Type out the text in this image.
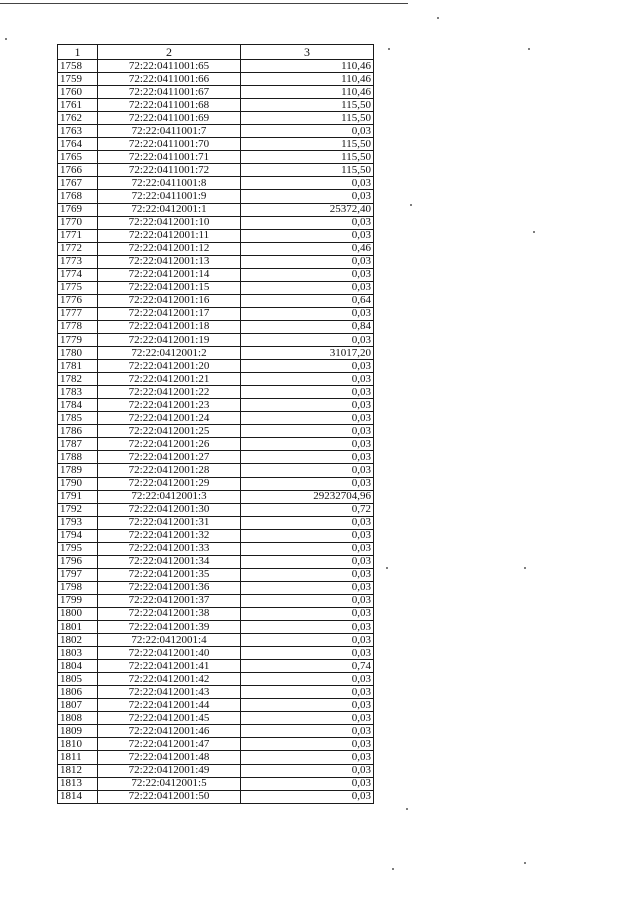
1	2	3
1758	72:22:0411001:65	110,46
1759	72:22:0411001:66	110,46
1760	72:22:0411001:67	110,46
1761	72:22:0411001:68	115,50
1762	72:22:0411001:69	115,50
1763	72:22:0411001:7	0,03
1764	72:22:0411001:70	115,50
1765	72:22:0411001:71	115,50
1766	72:22:0411001:72	115,50
1767	72:22:0411001:8	0,03
1768	72:22:0411001:9	0,03
1769	72:22:0412001:1	25372,40
1770	72:22:0412001:10	0,03
1771	72:22:0412001:11	0,03
1772	72:22:0412001:12	0,46
1773	72:22:0412001:13	0,03
1774	72:22:0412001:14	0,03
1775	72:22:0412001:15	0,03
1776	72:22:0412001:16	0,64
1777	72:22:0412001:17	0,03
1778	72:22:0412001:18	0,84
1779	72:22:0412001:19	0,03
1780	72:22:0412001:2	31017,20
1781	72:22:0412001:20	0,03
1782	72:22:0412001:21	0,03
1783	72:22:0412001:22	0,03
1784	72:22:0412001:23	0,03
1785	72:22:0412001:24	0,03
1786	72:22:0412001:25	0,03
1787	72:22:0412001:26	0,03
1788	72:22:0412001:27	0,03
1789	72:22:0412001:28	0,03
1790	72:22:0412001:29	0,03
1791	72:22:0412001:3	29232704,96
1792	72:22:0412001:30	0,72
1793	72:22:0412001:31	0,03
1794	72:22:0412001:32	0,03
1795	72:22:0412001:33	0,03
1796	72:22:0412001:34	0,03
1797	72:22:0412001:35	0,03
1798	72:22:0412001:36	0,03
1799	72:22:0412001:37	0,03
1800	72:22:0412001:38	0,03
1801	72:22:0412001:39	0,03
1802	72:22:0412001:4	0,03
1803	72:22:0412001:40	0,03
1804	72:22:0412001:41	0,74
1805	72:22:0412001:42	0,03
1806	72:22:0412001:43	0,03
1807	72:22:0412001:44	0,03
1808	72:22:0412001:45	0,03
1809	72:22:0412001:46	0,03
1810	72:22:0412001:47	0,03
1811	72:22:0412001:48	0,03
1812	72:22:0412001:49	0,03
1813	72:22:0412001:5	0,03
1814	72:22:0412001:50	0,03
